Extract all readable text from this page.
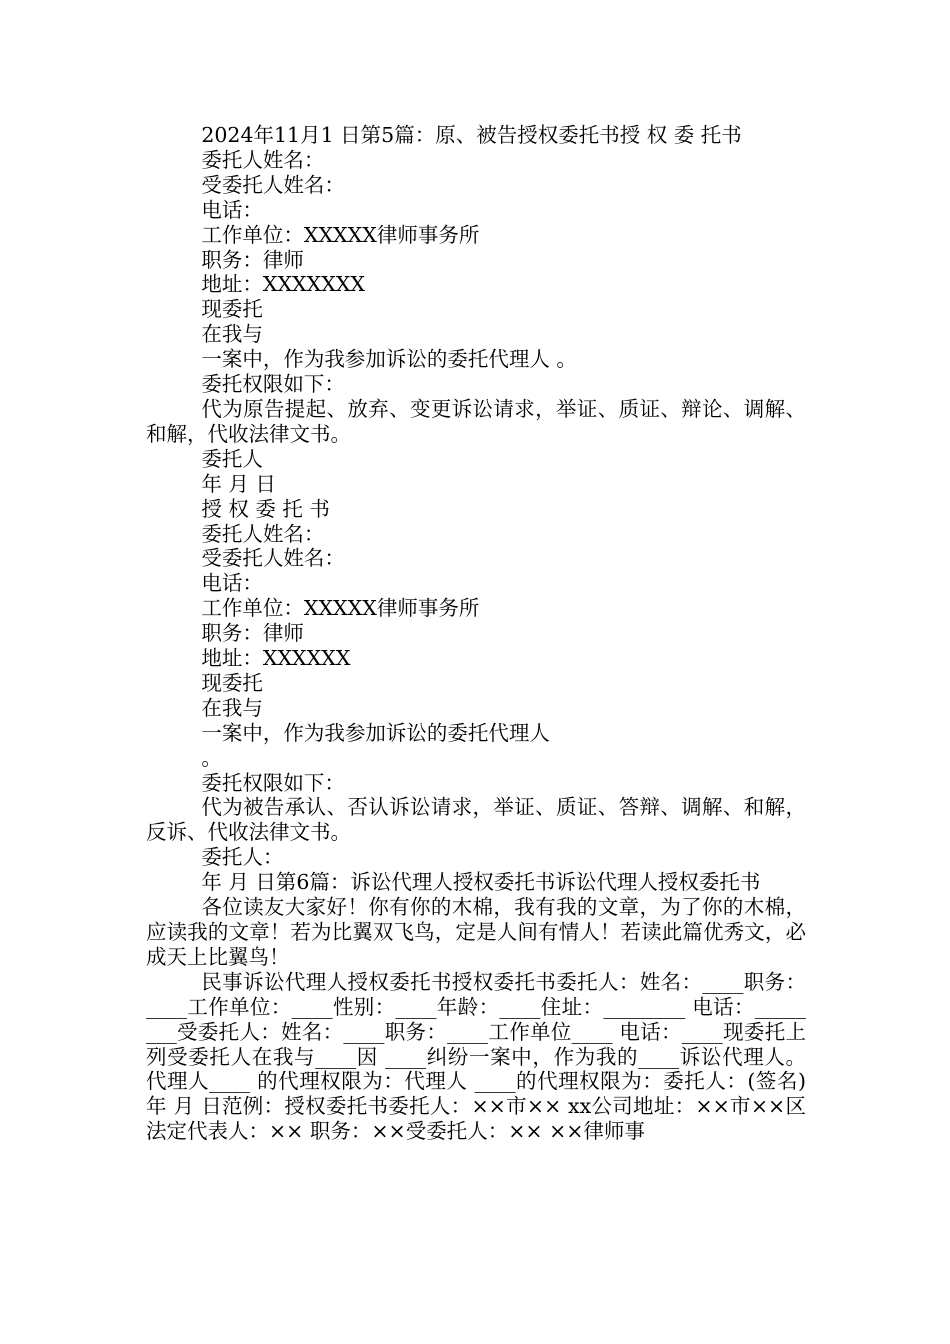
2024年11月1 日第5篇：原、被告授权委托书授 权 委 托书

委托人姓名：

受委托人姓名：

电话：

工作单位：XXXXX律师事务所

职务：律师

地址：XXXXXXX

现委托

在我与

一案中，作为我参加诉讼的委托代理人 。

委托权限如下：

代为原告提起、放弃、变更诉讼请求，举证、质证、辩论、调解、和解，代收法律文书。

委托人

年 月 日

授 权 委 托 书

委托人姓名：

受委托人姓名：

电话：

工作单位：XXXXX律师事务所

职务：律师

地址：XXXXXX

现委托

在我与

一案中，作为我参加诉讼的委托代理人

。

委托权限如下：

代为被告承认、否认诉讼请求，举证、质证、答辩、调解、和解，反诉、代收法律文书。

委托人：

年 月 日第6篇：诉讼代理人授权委托书诉讼代理人授权委托书

各位读友大家好！你有你的木棉，我有我的文章，为了你的木棉，应读我的文章！若为比翼双飞鸟，定是人间有情人！若读此篇优秀文，必成天上比翼鸟！

民事诉讼代理人授权委托书授权委托书委托人：姓名：____职务：____工作单位：____性别：____年龄：____住址：________ 电话：________受委托人：姓名：____职务：____工作单位____ 电话：____现委托上列受委托人在我与____因 ____纠纷一案中，作为我的____诉讼代理人。代理人____ 的代理权限为：代理人 ____的代理权限为：委托人：(签名) 年 月 日范例：授权委托书委托人：××市×× xx公司地址：××市××区 法定代表人：×× 职务：××受委托人：×× ××律师事
